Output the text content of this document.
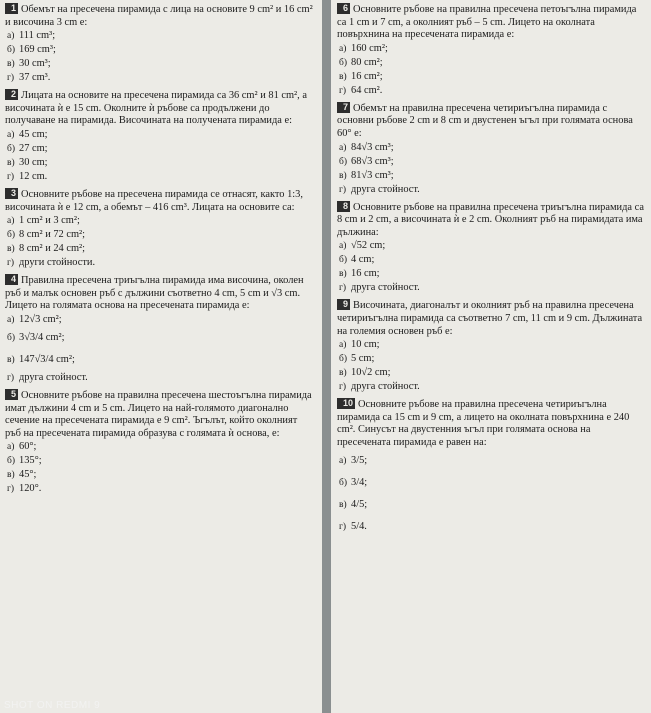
1 Обемът на пресечена пирамида с лица на основите 9 cm² и 16 cm² и височина 3 cm е:
а) 111 cm³;
б) 169 cm³;
в) 30 cm³;
г) 37 cm³.
2 Лицата на основите на пресечена пирамида са 36 cm² и 81 cm², а височината ѝ е 15 cm. Околните ѝ ръбове са продължени до получаване на пирамида. Височината на получената пирамида е:
а) 45 cm;
б) 27 cm;
в) 30 cm;
г) 12 cm.
3 Основните ръбове на пресечена пирамида се отнасят, както 1:3, височината ѝ е 12 cm, а обемът – 416 cm³. Лицата на основите са:
а) 1 cm² и 3 cm²;
б) 8 cm² и 72 cm²;
в) 8 cm² и 24 cm²;
г) други стойности.
4 Правилна пресечена триъгълна пирамида има височина, околен ръб и малък основен ръб с дължини съответно 4 cm, 5 cm и √3 cm. Лицето на голямата основа на пресечената пирамида е:
а) 12√3 cm²;
б) 3√3/4 cm²;
в) 147√3/4 cm²;
г) друга стойност.
5 Основните ръбове на правилна пресечена шестоъгълна пирамида имат дължини 4 cm и 5 cm. Лицето на най-голямото диагонално сечение на пресечената пирамида е 9 cm². Ъгълът, който околният ръб на пресечената пирамида образува с голямата ѝ основа, е:
а) 60°;
б) 135°;
в) 45°;
г) 120°.
6 Основните ръбове на правилна пресечена петоъгълна пирамида са 1 cm и 7 cm, а околният ръб – 5 cm. Лицето на околната повърхнина на пресечената пирамида е:
а) 160 cm²;
б) 80 cm²;
в) 16 cm²;
г) 64 cm².
7 Обемът на правилна пресечена четириъгълна пирамида с основни ръбове 2 cm и 8 cm и двустенен ъгъл при голямата основа 60° е:
а) 84√3 cm³;
б) 68√3 cm³;
в) 81√3 cm³;
г) друга стойност.
8 Основните ръбове на правилна пресечена триъгълна пирамида са 8 cm и 2 cm, а височината ѝ е 2 cm. Околният ръб на пирамидата има дължина:
а) √52 cm;
б) 4 cm;
в) 16 cm;
г) друга стойност.
9 Височината, диагоналът и околният ръб на правилна пресечена четириъгълна пирамида са съответно 7 cm, 11 cm и 9 cm. Дължината на големия основен ръб е:
а) 10 cm;
б) 5 cm;
в) 10√2 cm;
г) друга стойност.
10 Основните ръбове на правилна пресечена четириъгълна пирамида са 15 cm и 9 cm, а лицето на околната повърхнина е 240 cm². Синусът на двустенния ъгъл при голямата основа на пресечената пирамида е равен на:
а) 3/5;
б) 3/4;
в) 4/5;
г) 5/4.
SHOT ON REDMI 9
